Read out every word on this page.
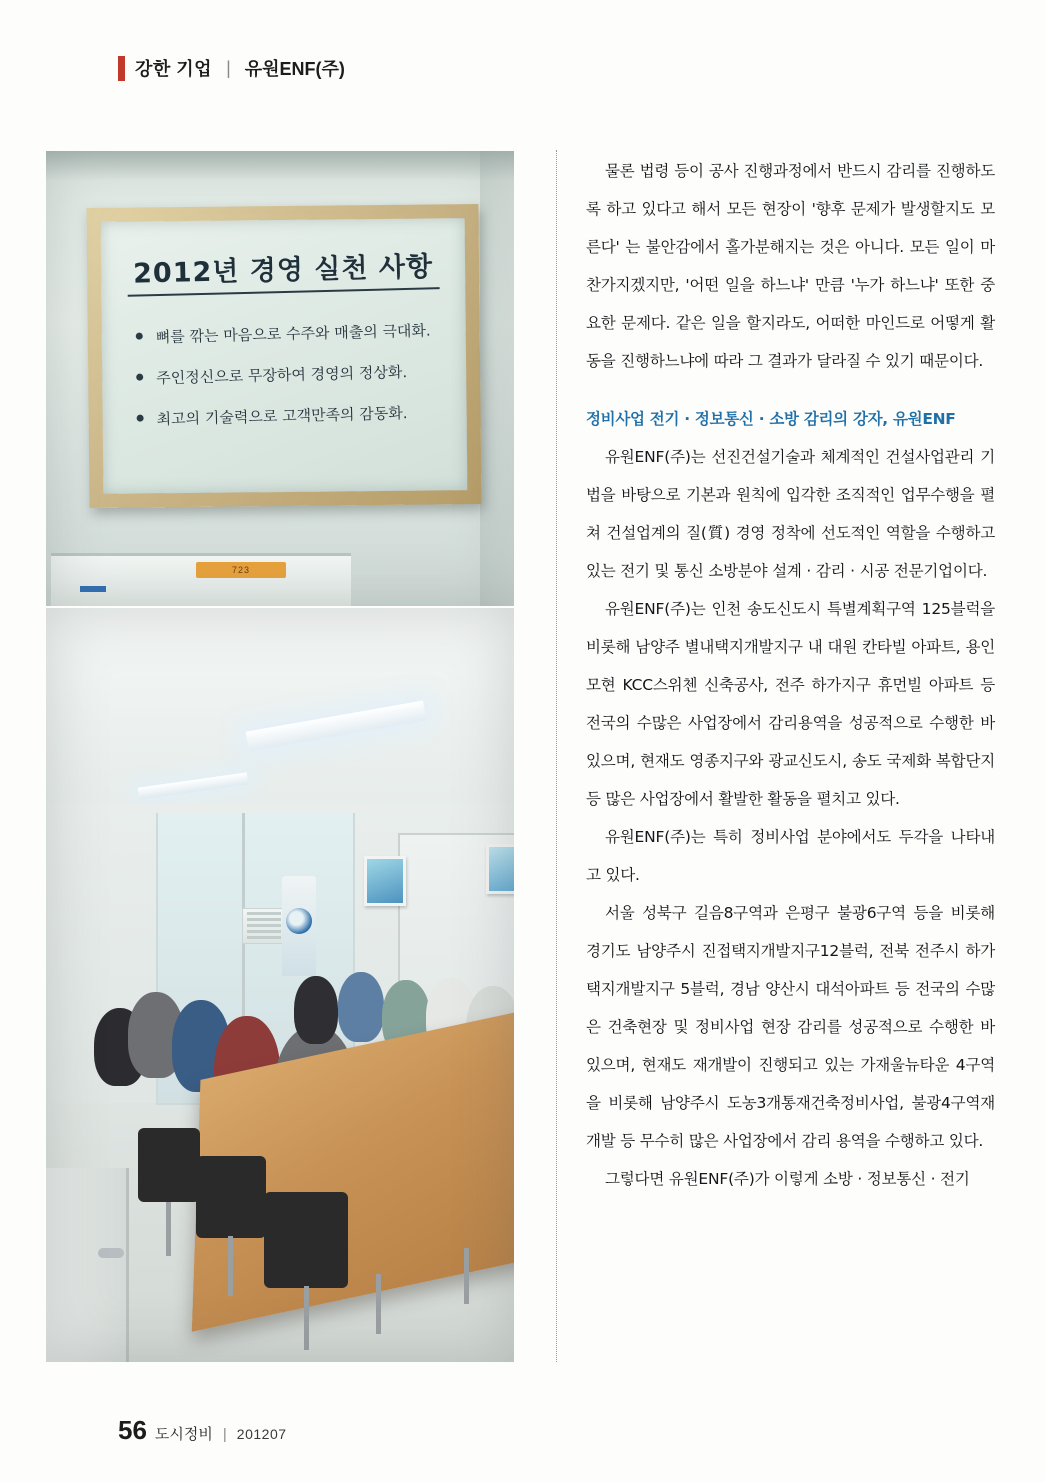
강한 기업 | 유원ENF(주)
2012년 경영 실천 사항
뼈를 깎는 마음으로 수주와 매출의 극대화.
주인정신으로 무장하여 경영의 정상화.
최고의 기술력으로 고객만족의 감동화.
723

물론 법령 등이 공사 진행과정에서 반드시 감리를 진행하도록 하고 있다고 해서 모든 현장이 '향후 문제가 발생할지도 모른다' 는 불안감에서 홀가분해지는 것은 아니다. 모든 일이 마찬가지겠지만, '어떤 일을 하느냐' 만큼 '누가 하느냐' 또한 중요한 문제다. 같은 일을 할지라도, 어떠한 마인드로 어떻게 활동을 진행하느냐에 따라 그 결과가 달라질 수 있기 때문이다.

정비사업 전기 · 정보통신 · 소방 감리의 강자, 유원ENF

유원ENF(주)는 선진건설기술과 체계적인 건설사업관리 기법을 바탕으로 기본과 원칙에 입각한 조직적인 업무수행을 펼쳐 건설업계의 질(質) 경영 정착에 선도적인 역할을 수행하고 있는 전기 및 통신 소방분야 설계 · 감리 · 시공 전문기업이다.

유원ENF(주)는 인천 송도신도시 특별계획구역 125블럭을 비롯해 남양주 별내택지개발지구 내 대원 칸타빌 아파트, 용인 모현 KCC스위첸 신축공사, 전주 하가지구 휴먼빌 아파트 등 전국의 수많은 사업장에서 감리용역을 성공적으로 수행한 바 있으며, 현재도 영종지구와 광교신도시, 송도 국제화 복합단지 등 많은 사업장에서 활발한 활동을 펼치고 있다.

유원ENF(주)는 특히 정비사업 분야에서도 두각을 나타내고 있다.

서울 성북구 길음8구역과 은평구 불광6구역 등을 비롯해 경기도 남양주시 진접택지개발지구12블럭, 전북 전주시 하가택지개발지구 5블럭, 경남 양산시 대석아파트 등 전국의 수많은 건축현장 및 정비사업 현장 감리를 성공적으로 수행한 바 있으며, 현재도 재개발이 진행되고 있는 가재울뉴타운 4구역을 비롯해 남양주시 도농3개통재건축정비사업, 불광4구역재개발 등 무수히 많은 사업장에서 감리 용역을 수행하고 있다.

그렇다면 유원ENF(주)가 이렇게 소방 · 정보통신 · 전기

56 도시정비 | 201207
